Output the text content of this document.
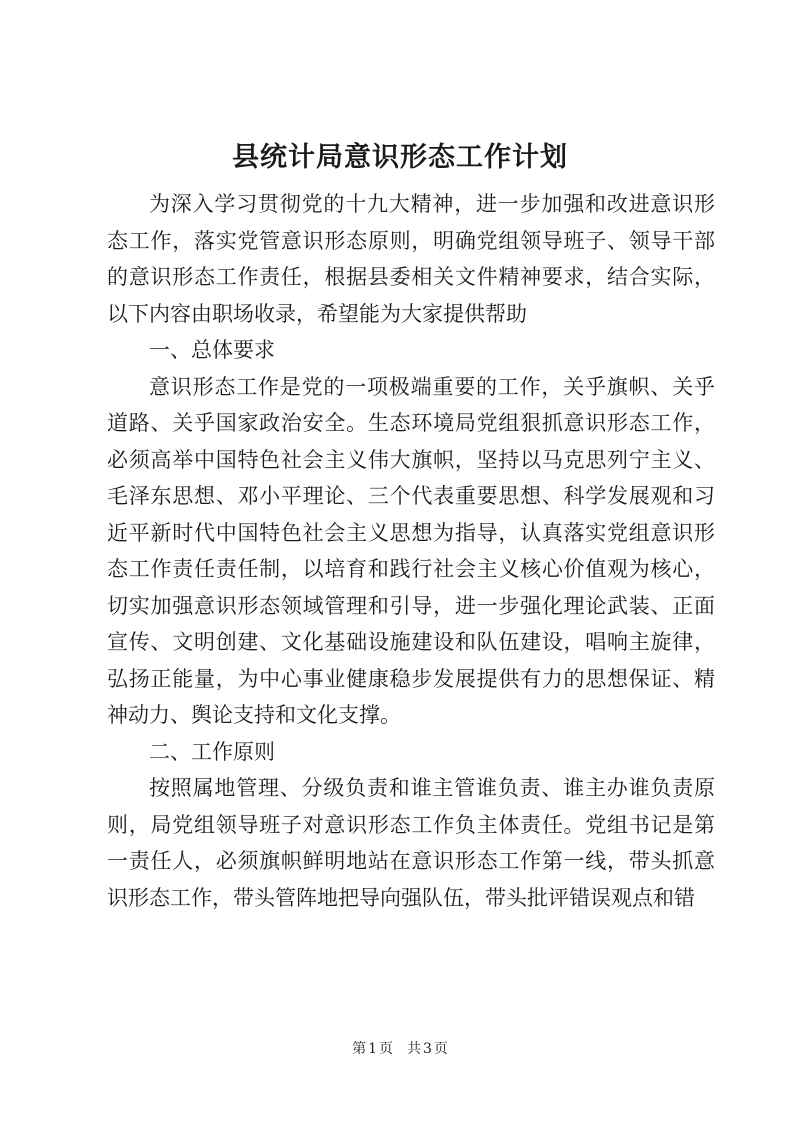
县统计局意识形态工作计划

为深入学习贯彻党的十九大精神，进一步加强和改进意识形态工作，落实党管意识形态原则，明确党组领导班子、领导干部的意识形态工作责任，根据县委相关文件精神要求，结合实际，以下内容由职场收录，希望能为大家提供帮助

一、总体要求

意识形态工作是党的一项极端重要的工作，关乎旗帜、关乎道路、关乎国家政治安全。生态环境局党组狠抓意识形态工作，必须高举中国特色社会主义伟大旗帜，坚持以马克思列宁主义、毛泽东思想、邓小平理论、三个代表重要思想、科学发展观和习近平新时代中国特色社会主义思想为指导，认真落实党组意识形态工作责任责任制，以培育和践行社会主义核心价值观为核心，切实加强意识形态领域管理和引导，进一步强化理论武装、正面宣传、文明创建、文化基础设施建设和队伍建设，唱响主旋律，弘扬正能量，为中心事业健康稳步发展提供有力的思想保证、精神动力、舆论支持和文化支撑。

二、工作原则

按照属地管理、分级负责和谁主管谁负责、谁主办谁负责原则，局党组领导班子对意识形态工作负主体责任。党组书记是第一责任人，必须旗帜鲜明地站在意识形态工作第一线，带头抓意识形态工作，带头管阵地把导向强队伍，带头批评错误观点和错

第 1 页 共 3 页
